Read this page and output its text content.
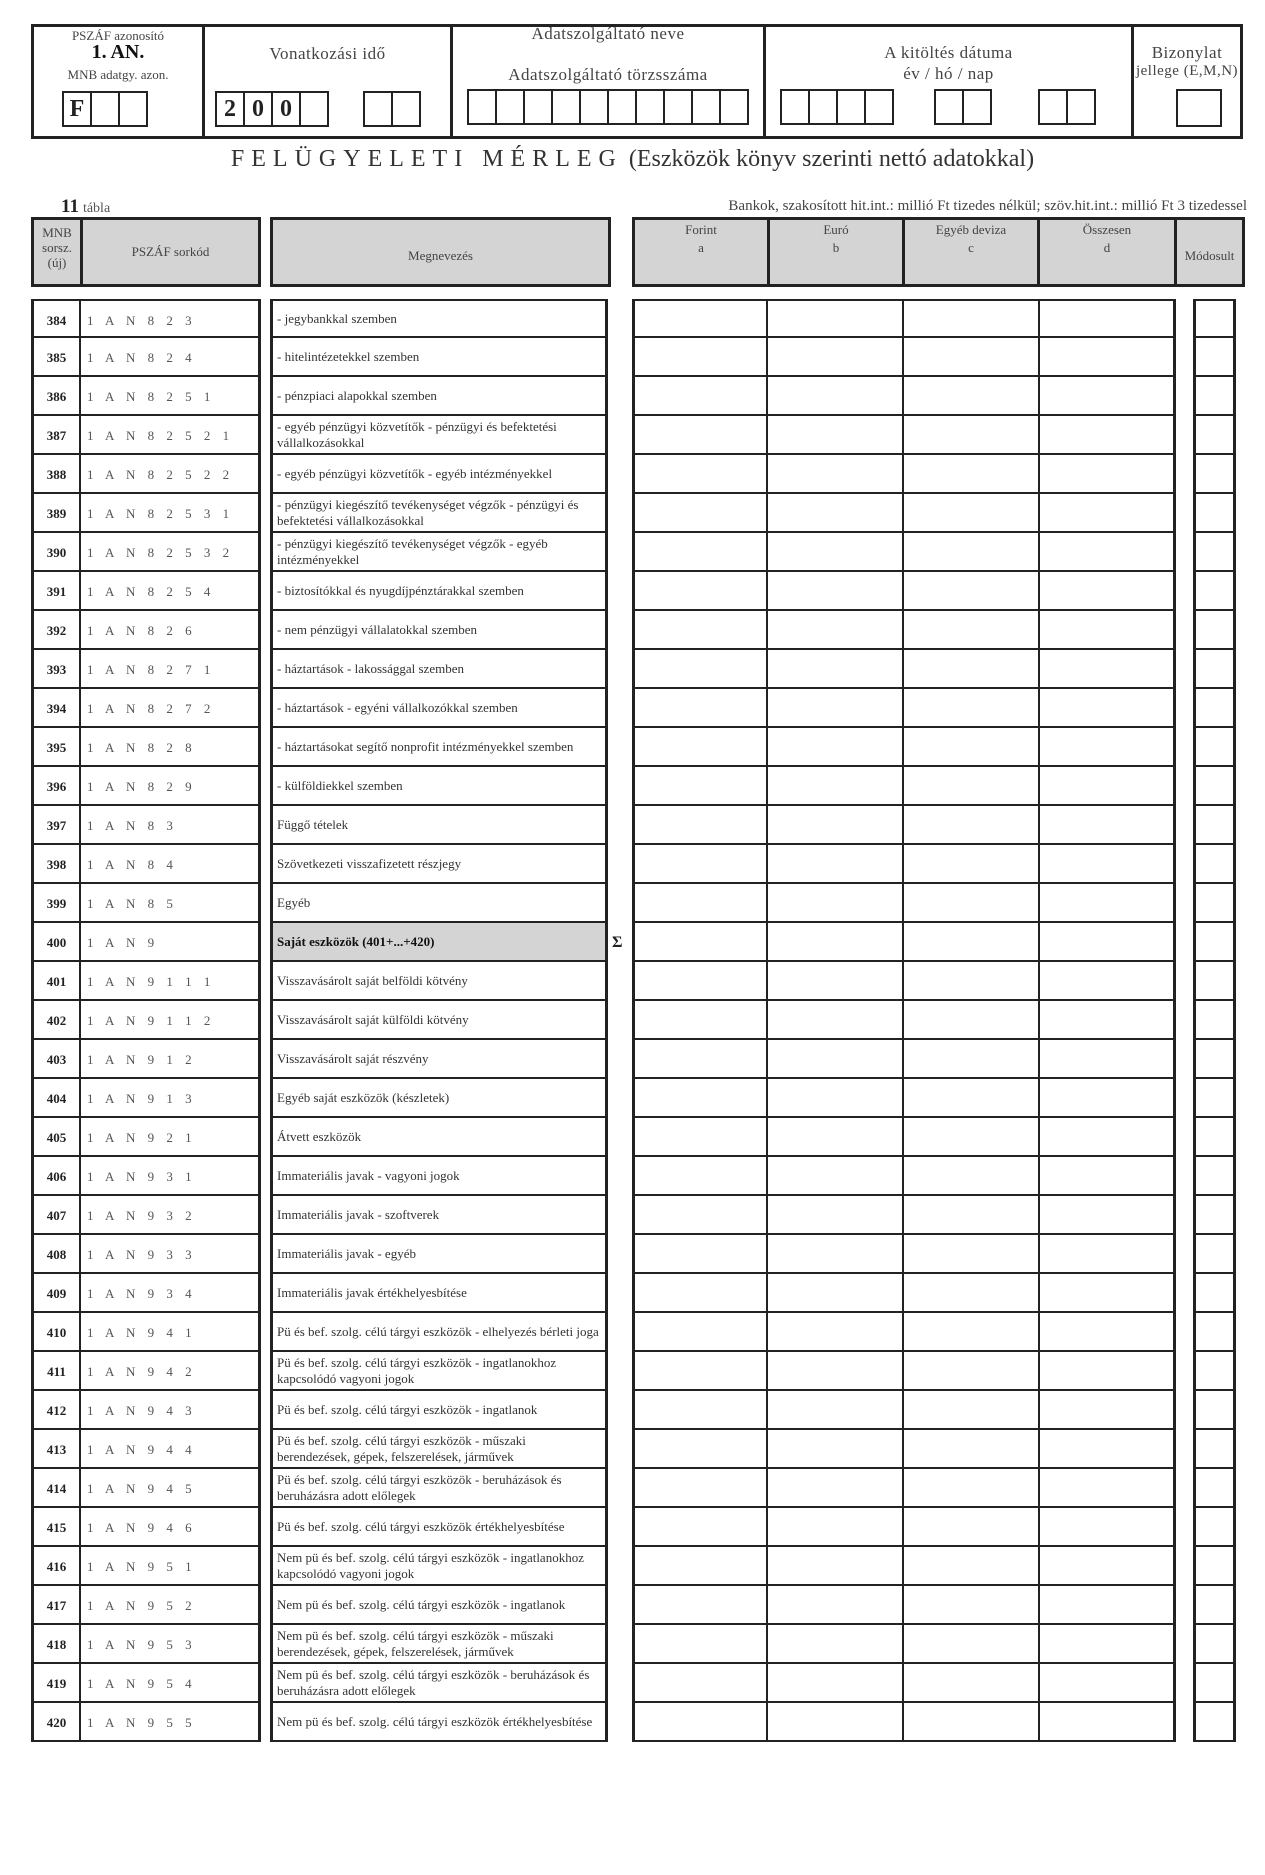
PSZÁF azonosító
1. AN.
MNB adatgy. azon.
F
Vonatkozási idő
2 0 0
Adatszolgáltató neve
Adatszolgáltató törzsszáma
A kitöltés dátuma
év / hó / nap
Bizonylat
jellege (E,M,N)
FELÜGYELETI MÉRLEG (Eszközök könyv szerinti nettó adatokkal)
11 tábla	Bankok, szakosított hit.int.: millió Ft tizedes nélkül; szöv.hit.int.: millió Ft 3 tizedessel
MNB sorsz. (új)
PSZÁF sorkód	Megnevezés
Forint
a
Euró
b
Egyéb deviza
c
Összesen
d
Módosult
384	1 A N 8 2 3	- jegybankkal szemben
385	1 A N 8 2 4	- hitelintézetekkel szemben
386	1 A N 8 2 5 1	- pénzpiaci alapokkal szemben
387	1 A N 8 2 5 2 1
- egyéb pénzügyi közvetítők - pénzügyi és befektetési vállalkozásokkal
388	1 A N 8 2 5 2 2	- egyéb pénzügyi közvetítők - egyéb intézményekkel
389	1 A N 8 2 5 3 1
- pénzügyi kiegészítő tevékenységet végzők - pénzügyi és befektetési vállalkozásokkal
390	1 A N 8 2 5 3 2
- pénzügyi kiegészítő tevékenységet végzők - egyéb intézményekkel
391	1 A N 8 2 5 4	- biztosítókkal és nyugdíjpénztárakkal szemben
392	1 A N 8 2 6	- nem pénzügyi vállalatokkal szemben
393	1 A N 8 2 7 1	- háztartások - lakossággal szemben
394	1 A N 8 2 7 2	- háztartások - egyéni vállalkozókkal szemben
395	1 A N 8 2 8	- háztartásokat segítő nonprofit intézményekkel szemben
396	1 A N 8 2 9	- külföldiekkel szemben
397	1 A N 8 3	Függő tételek
398	1 A N 8 4	Szövetkezeti visszafizetett részjegy
399	1 A N 8 5	Egyéb
400	1 A N 9	Saját eszközök (401+...+420)	Σ
401	1 A N 9 1 1 1	Visszavásárolt saját belföldi kötvény
402	1 A N 9 1 1 2	Visszavásárolt saját külföldi kötvény
403	1 A N 9 1 2	Visszavásárolt saját részvény
404	1 A N 9 1 3	Egyéb saját eszközök (készletek)
405	1 A N 9 2 1	Átvett eszközök
406	1 A N 9 3 1	Immateriális javak - vagyoni jogok
407	1 A N 9 3 2	Immateriális javak - szoftverek
408	1 A N 9 3 3	Immateriális javak - egyéb
409	1 A N 9 3 4	Immateriális javak értékhelyesbítése
410	1 A N 9 4 1	Pü és bef. szolg. célú tárgyi eszközök - elhelyezés bérleti joga
411	1 A N 9 4 2
Pü és bef. szolg. célú tárgyi eszközök - ingatlanokhoz kapcsolódó vagyoni jogok
412	1 A N 9 4 3	Pü és bef. szolg. célú tárgyi eszközök - ingatlanok
413	1 A N 9 4 4
Pü és bef. szolg. célú tárgyi eszközök - műszaki berendezések, gépek, felszerelések, járművek
414	1 A N 9 4 5
Pü és bef. szolg. célú tárgyi eszközök - beruházások és beruházásra adott előlegek
415	1 A N 9 4 6	Pü és bef. szolg. célú tárgyi eszközök értékhelyesbítése
416	1 A N 9 5 1
Nem pü és bef. szolg. célú tárgyi eszközök - ingatlanokhoz kapcsolódó vagyoni jogok
417	1 A N 9 5 2	Nem pü és bef. szolg. célú tárgyi eszközök - ingatlanok
418	1 A N 9 5 3
Nem pü és bef. szolg. célú tárgyi eszközök - műszaki berendezések, gépek, felszerelések, járművek
419	1 A N 9 5 4
Nem pü és bef. szolg. célú tárgyi eszközök - beruházások és beruházásra adott előlegek
420	1 A N 9 5 5	Nem pü és bef. szolg. célú tárgyi eszközök értékhelyesbítése
